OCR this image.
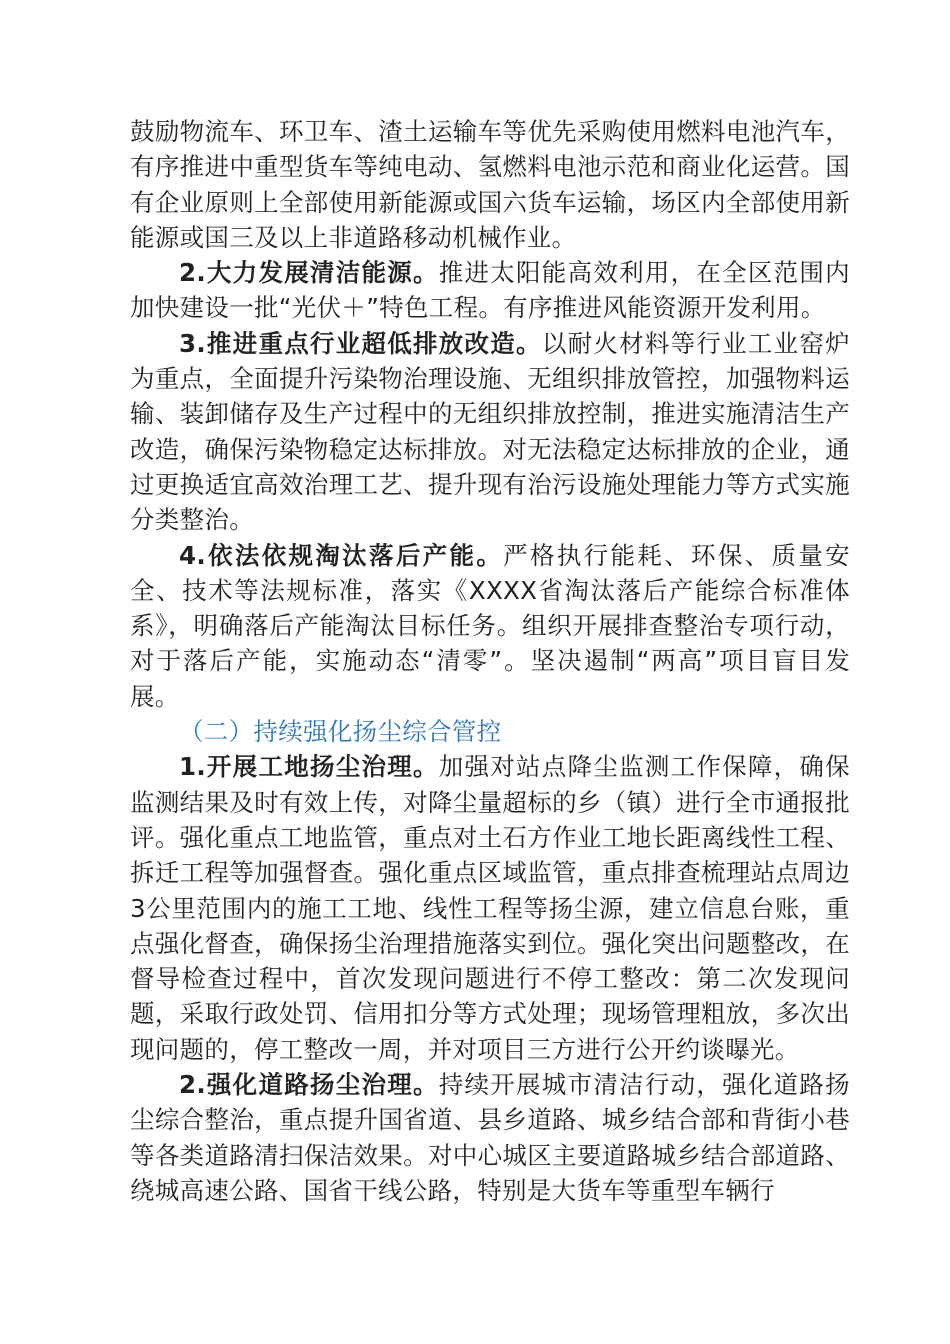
鼓励物流车、环卫车、渣土运输车等优先采购使用燃料电池汽车，有序推进中重型货车等纯电动、氢燃料电池示范和商业化运营。国有企业原则上全部使用新能源或国六货车运输，场区内全部使用新能源或国三及以上非道路移动机械作业。

2.大力发展清洁能源。推进太阳能高效利用，在全区范围内加快建设一批“光伏＋”特色工程。有序推进风能资源开发利用。

3.推进重点行业超低排放改造。以耐火材料等行业工业窑炉为重点，全面提升污染物治理设施、无组织排放管控，加强物料运输、装卸储存及生产过程中的无组织排放控制，推进实施清洁生产改造，确保污染物稳定达标排放。对无法稳定达标排放的企业，通过更换适宜高效治理工艺、提升现有治污设施处理能力等方式实施分类整治。

4.依法依规淘汰落后产能。严格执行能耗、环保、质量安全、技术等法规标准，落实《XXXX省淘汰落后产能综合标准体系》，明确落后产能淘汰目标任务。组织开展排查整治专项行动，对于落后产能，实施动态“清零”。坚决遏制“两高”项目盲目发展。

（二）持续强化扬尘综合管控

1.开展工地扬尘治理。加强对站点降尘监测工作保障，确保监测结果及时有效上传，对降尘量超标的乡（镇）进行全市通报批评。强化重点工地监管，重点对土石方作业工地长距离线性工程、拆迁工程等加强督查。强化重点区域监管，重点排查梳理站点周边3公里范围内的施工工地、线性工程等扬尘源，建立信息台账，重点强化督查，确保扬尘治理措施落实到位。强化突出问题整改，在督导检查过程中，首次发现问题进行不停工整改：第二次发现问题，采取行政处罚、信用扣分等方式处理；现场管理粗放，多次出现问题的，停工整改一周，并对项目三方进行公开约谈曝光。

2.强化道路扬尘治理。持续开展城市清洁行动，强化道路扬尘综合整治，重点提升国省道、县乡道路、城乡结合部和背街小巷等各类道路清扫保洁效果。对中心城区主要道路城乡结合部道路、绕城高速公路、国省干线公路，特别是大货车等重型车辆行
